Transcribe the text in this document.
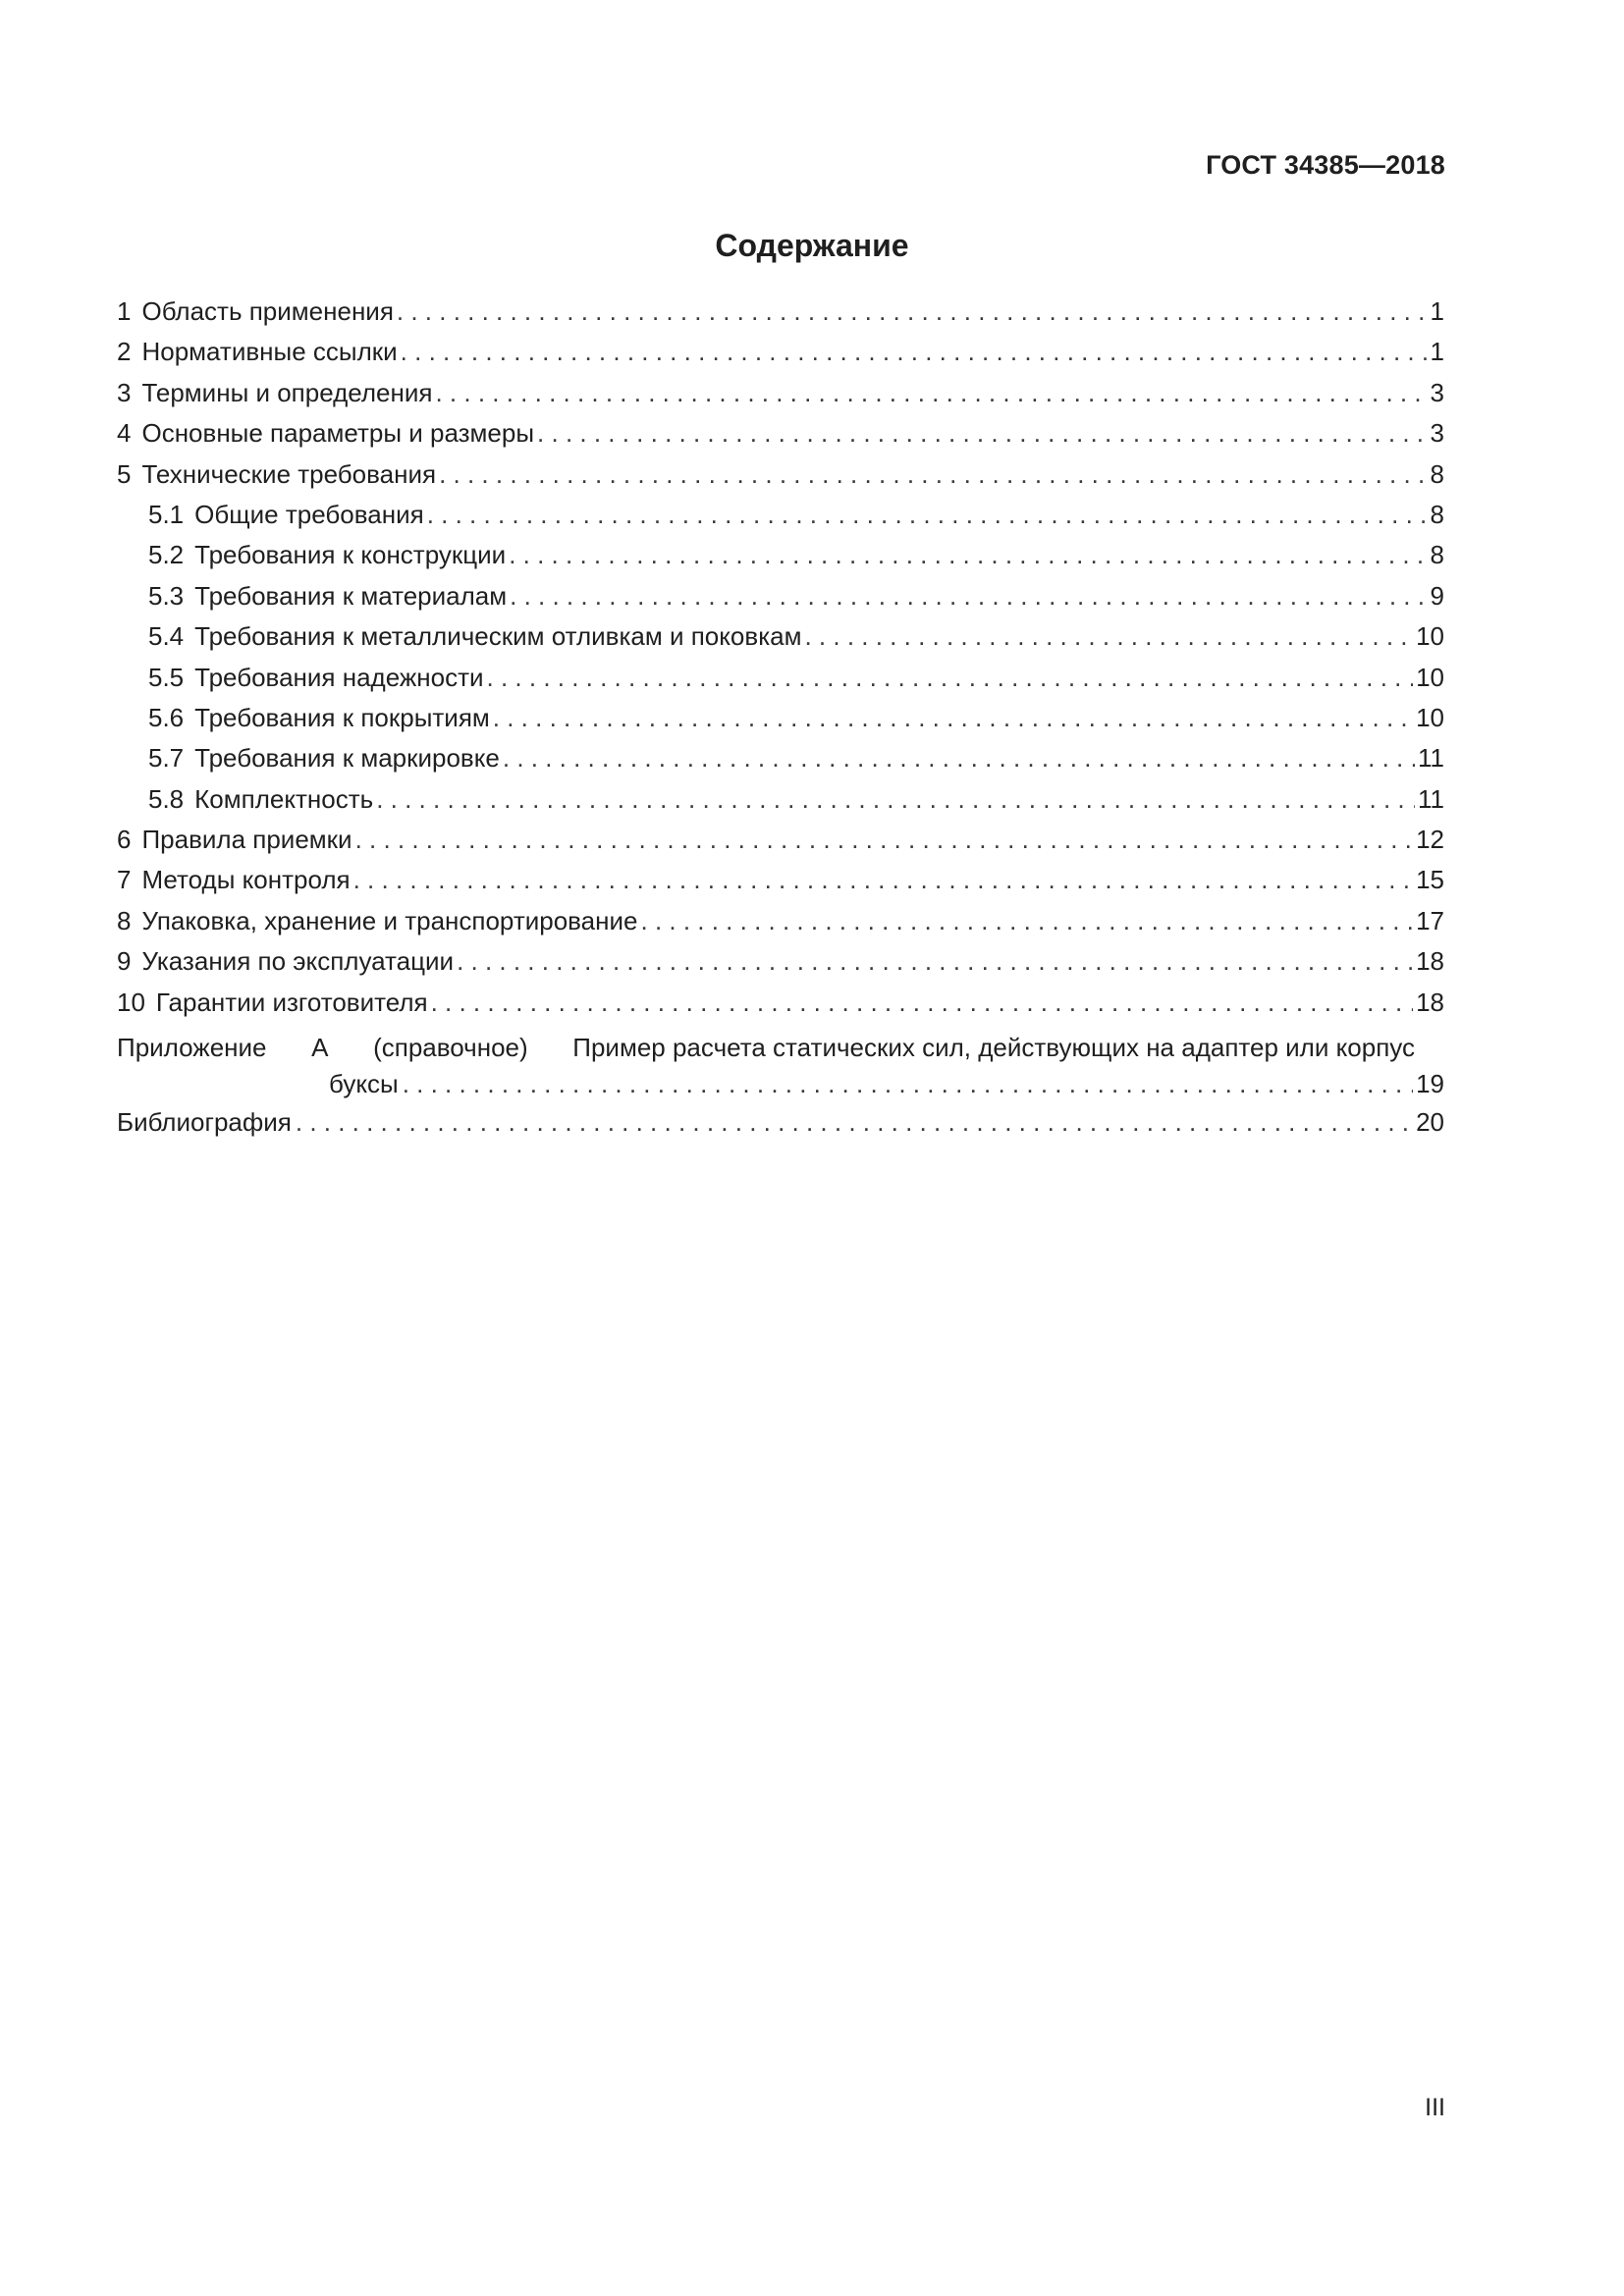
ГОСТ 34385—2018
Содержание
1 Область применения . . .	1
2 Нормативные ссылки . . .	1
3 Термины и определения . . .	3
4 Основные параметры и размеры . . .	3
5 Технические требования . . .	8
5.1 Общие требования . . .	8
5.2 Требования к конструкции . . .	8
5.3 Требования к материалам . . .	9
5.4 Требования к металлическим отливкам и поковкам . . .	10
5.5 Требования надежности . . .	10
5.6 Требования к покрытиям . . .	10
5.7 Требования к маркировке . . .	11
5.8 Комплектность . . .	11
6 Правила приемки . . .	12
7 Методы контроля . . .	15
8 Упаковка, хранение и транспортирование . . .	17
9 Указания по эксплуатации . . .	18
10 Гарантии изготовителя . . .	18
Приложение А (справочное) Пример расчета статических сил, действующих на адаптер или корпус
буксы . . .	19
Библиография . . .	20
III
